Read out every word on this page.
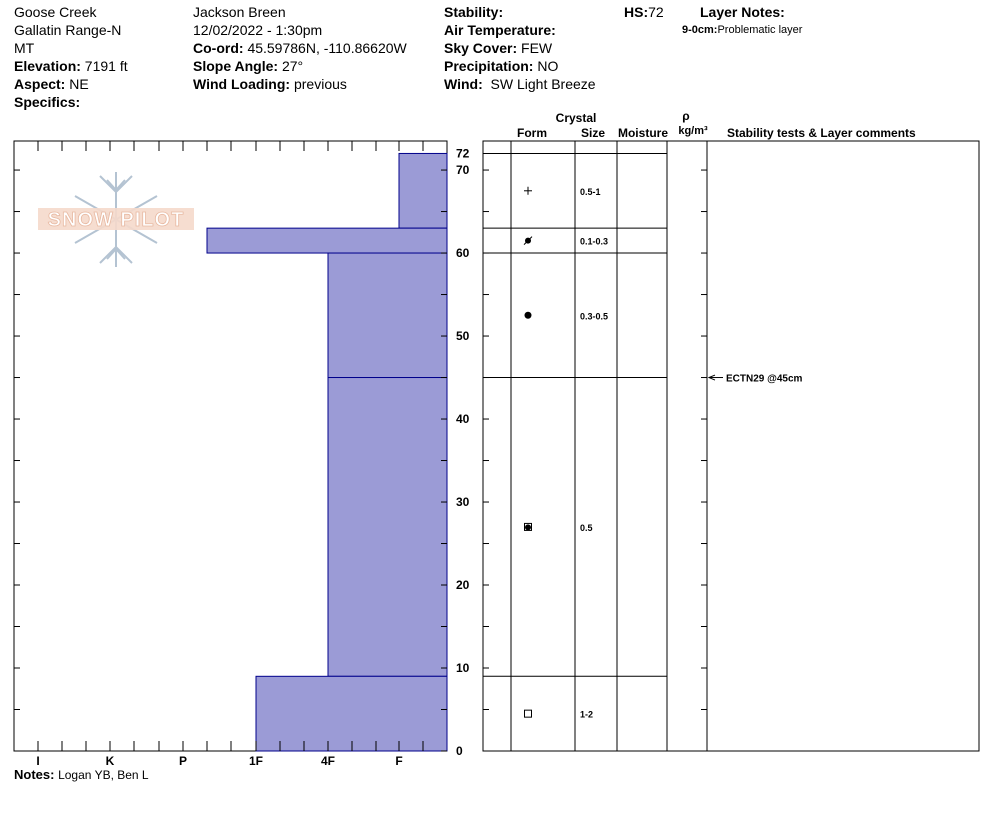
Goose Creek
Gallatin Range-N
MT
Elevation: 7191 ft
Aspect: NE
Specifics:
Jackson Breen
12/02/2022 - 1:30pm
Co-ord: 45.59786N, -110.86620W
Slope Angle: 27°
Wind Loading: previous
Stability:
Air Temperature:
Sky Cover: FEW
Precipitation: NO
Wind: SW Light Breeze
HS:72	Layer Notes:
9-0cm:Problematic layer
Crystal
Form	Size Moisture
ρ
kg/m³ Stability tests & Layer comments
SNOW PILOT
I	K	P	1F	4F	F
0
10
20
30
40
50
60
70
72
0.5-1
0.1-0.3
0.3-0.5
0.5
1-2
ECTN29 @45cm
Notes: Logan YB, Ben L
